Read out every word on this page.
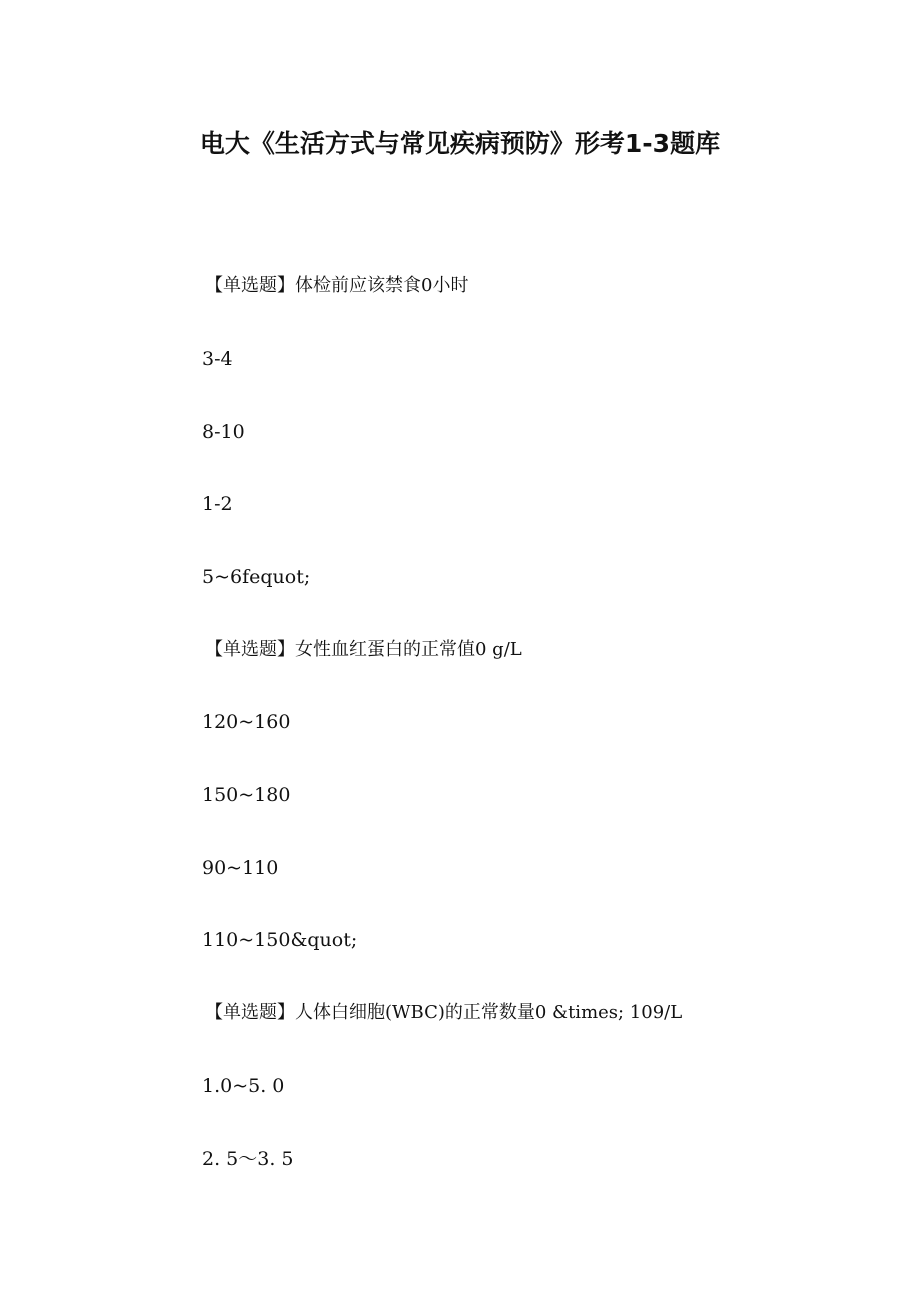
电大《生活方式与常见疾病预防》形考1-3题库

【单选题】体检前应该禁食0小时

3-4

8-10

1-2

5~6fequot;

【单选题】女性血红蛋白的正常值0 g/L

120~160

150~180

90~110

110~150&quot;

【单选题】人体白细胞(WBC)的正常数量0 &times; 109/L

1.0~5. 0

2. 5～3. 5
